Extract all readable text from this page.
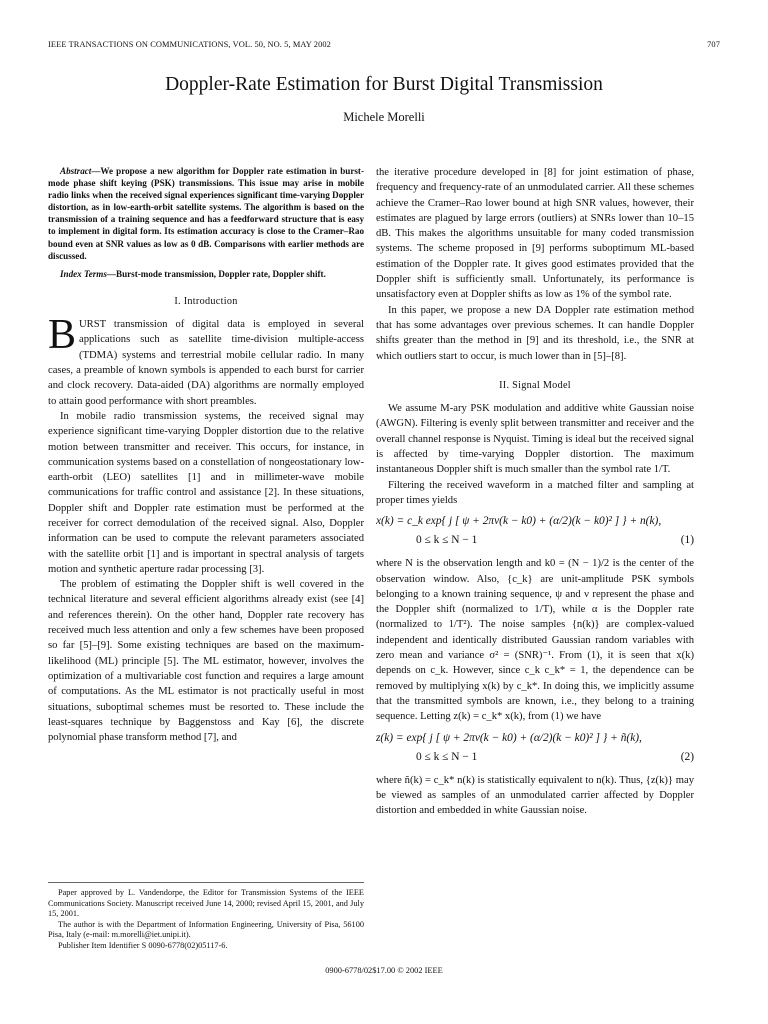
IEEE TRANSACTIONS ON COMMUNICATIONS, VOL. 50, NO. 5, MAY 2002	707
Doppler-Rate Estimation for Burst Digital Transmission
Michele Morelli
Abstract—We propose a new algorithm for Doppler rate estimation in burst-mode phase shift keying (PSK) transmissions. This issue may arise in mobile radio links when the received signal experiences significant time-varying Doppler distortion, as in low-earth-orbit satellite systems. The algorithm is based on the transmission of a training sequence and has a feedforward structure that is easy to implement in digital form. Its estimation accuracy is close to the Cramer–Rao bound even at SNR values as low as 0 dB. Comparisons with earlier methods are discussed.
Index Terms—Burst-mode transmission, Doppler rate, Doppler shift.
I. Introduction

BURST transmission of digital data is employed in several applications such as satellite time-division multiple-access (TDMA) systems and terrestrial mobile cellular radio. In many cases, a preamble of known symbols is appended to each burst for carrier and clock recovery. Data-aided (DA) algorithms are normally employed to attain good performance with short preambles.

In mobile radio transmission systems, the received signal may experience significant time-varying Doppler distortion due to the relative motion between transmitter and receiver. This occurs, for instance, in communication systems based on a constellation of nongeostationary low-earth-orbit (LEO) satellites [1] and in millimeter-wave mobile communications for traffic control and assistance [2]. In these situations, Doppler shift and Doppler rate estimation must be performed at the receiver for correct demodulation of the received signal. Also, Doppler information can be used to compute the relevant parameters associated with the satellite orbit [1] and is important in spectral analysis of targets motion and synthetic aperture radar processing [3].

The problem of estimating the Doppler shift is well covered in the technical literature and several efficient algorithms already exist (see [4] and references therein). On the other hand, Doppler rate recovery has received much less attention and only a few schemes have been proposed so far [5]–[9]. Some existing techniques are based on the maximum-likelihood (ML) principle [5]. The ML estimator, however, involves the optimization of a multivariable cost function and requires a large amount of computations. As the ML estimator is not practically useful in most situations, suboptimal schemes must be resorted to. These include the least-squares technique by Baggenstoss and Kay [6], the discrete polynomial phase transform method [7], and

Paper approved by L. Vandendorpe, the Editor for Transmission Systems of the IEEE Communications Society. Manuscript received June 14, 2000; revised April 15, 2001, and July 15, 2001.

The author is with the Department of Information Engineering, University of Pisa, 56100 Pisa, Italy (e-mail: m.morelli@iet.unipi.it).

Publisher Item Identifier S 0090-6778(02)05117-6.

the iterative procedure developed in [8] for joint estimation of phase, frequency and frequency-rate of an unmodulated carrier. All these schemes achieve the Cramer–Rao lower bound at high SNR values, however, their estimates are plagued by large errors (outliers) at SNRs lower than 10–15 dB. This makes the algorithms unsuitable for many coded transmission systems. The scheme proposed in [9] performs suboptimum ML-based estimation of the Doppler rate. It gives good estimates provided that the Doppler shift is sufficiently small. Unfortunately, its performance is unsatisfactory even at Doppler shifts as low as 1% of the symbol rate.

In this paper, we propose a new DA Doppler rate estimation method that has some advantages over previous schemes. It can handle Doppler shifts greater than the method in [9] and its threshold, i.e., the SNR at which outliers start to occur, is much lower than in [5]–[8].

II. Signal Model

We assume M-ary PSK modulation and additive white Gaussian noise (AWGN). Filtering is evenly split between transmitter and receiver and the overall channel response is Nyquist. Timing is ideal but the received signal is affected by time-varying Doppler distortion. The maximum instantaneous Doppler shift is much smaller than the symbol rate 1/T.

Filtering the received waveform in a matched filter and sampling at proper times yields

x(k) = c_k exp{ j [ ψ + 2πν(k − k0) + (α/2)(k − k0)² ] } + n(k),
0 ≤ k ≤ N − 1	(1)

where N is the observation length and k0 = (N − 1)/2 is the center of the observation window. Also, {c_k} are unit-amplitude PSK symbols belonging to a known training sequence, ψ and ν represent the phase and the Doppler shift (normalized to 1/T), while α is the Doppler rate (normalized to 1/T²). The noise samples {n(k)} are complex-valued independent and identically distributed Gaussian random variables with zero mean and variance σ² = (SNR)⁻¹. From (1), it is seen that x(k) depends on c_k. However, since c_k c_k* = 1, the dependence can be removed by multiplying x(k) by c_k*. In doing this, we implicitly assume that the transmitted symbols are known, i.e., they belong to a training sequence. Letting z(k) = c_k* x(k), from (1) we have

z(k) = exp{ j [ ψ + 2πν(k − k0) + (α/2)(k − k0)² ] } + ñ(k),
0 ≤ k ≤ N − 1	(2)

where ñ(k) = c_k* n(k) is statistically equivalent to n(k). Thus, {z(k)} may be viewed as samples of an unmodulated carrier affected by Doppler distortion and embedded in white Gaussian noise.

0900-6778/02$17.00 © 2002 IEEE
